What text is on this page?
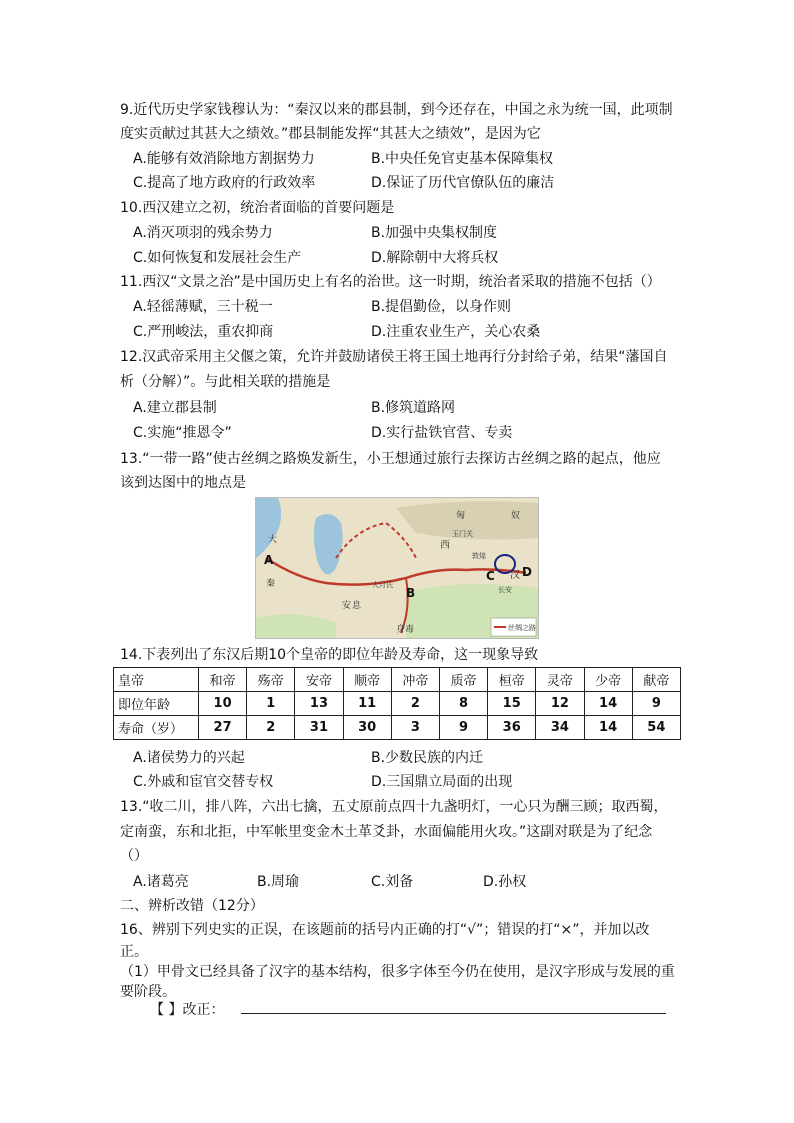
9.近代历史学家钱穆认为：“秦汉以来的郡县制，到今还存在，中国之永为统一国，此项制
度实贡献过其甚大之绩效。”郡县制能发挥“其甚大之绩效”，是因为它
A.能够有效消除地方割据势力	B.中央任免官吏基本保障集权
C.提高了地方政府的行政效率	D.保证了历代官僚队伍的廉洁
10.西汉建立之初，统治者面临的首要问题是
A.消灭项羽的残余势力	B.加强中央集权制度
C.如何恢复和发展社会生产	D.解除朝中大将兵权
11.西汉“文景之治”是中国历史上有名的治世。这一时期，统治者采取的措施不包括（）
A.轻徭薄赋，三十税一	B.提倡勤俭，以身作则
C.严刑峻法，重农抑商	D.注重农业生产，关心农桑
12.汉武帝采用主父偃之策，允许并鼓励诸侯王将王国土地再行分封给子弟，结果“藩国自
析（分解）”。与此相关联的措施是
A.建立郡县制	B.修筑道路网
C.实施“推恩令”	D.实行盐铁官营、专卖
13.“一带一路”使古丝绸之路焕发新生，小王想通过旅行去探访古丝绸之路的起点，他应
该到达图中的地点是
A
B
C D
匈	奴
西
汉
安 息
大月氏
身毒
长安
敦煌
玉门关
秦
大
丝绸之路
14.下表列出了东汉后期10个皇帝的即位年龄及寿命，这一现象导致
皇帝	和帝	殇帝	安帝	顺帝	冲帝	质帝	桓帝	灵帝	少帝	献帝
即位年龄	10	1	13	11	2	8	15	12	14	9
寿命（岁）	27	2	31	30	3	9	36	34	14	54
A.诸侯势力的兴起	B.少数民族的内迁
C.外戚和宦官交替专权	D.三国鼎立局面的出现
13.“收二川，排八阵，六出七擒，五丈原前点四十九盏明灯，一心只为酬三顾；取西蜀，
定南蛮，东和北拒，中军帐里变金木土革爻卦，水面偏能用火攻。”这副对联是为了纪念
（）
A.诸葛亮	B.周瑜	C.刘备	D.孙权
二、辨析改错（12分）
16、辨别下列史实的正误，在该题前的括号内正确的打“√”；错误的打“×”，并加以改
正。
（1）甲骨文已经具备了汉字的基本结构，很多字体至今仍在使用，是汉字形成与发展的重
要阶段。
【 】改正：
